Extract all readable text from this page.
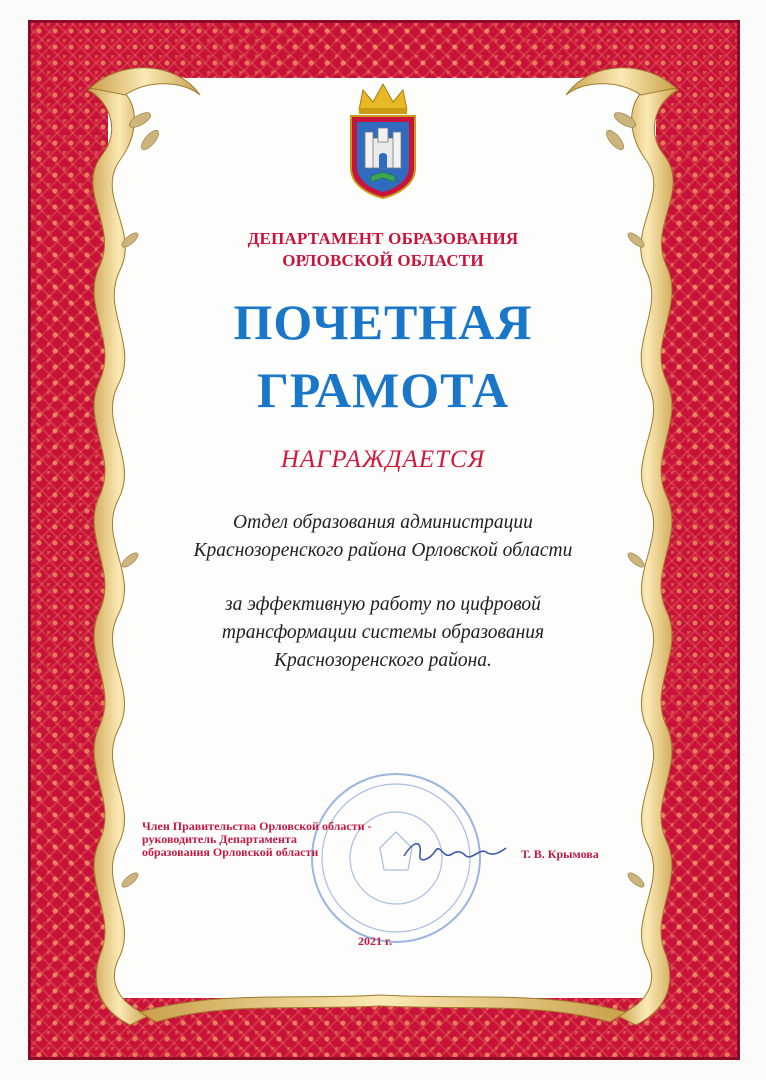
ДЕПАРТАМЕНТ ОБРАЗОВАНИЯ
ОРЛОВСКОЙ ОБЛАСТИ
ПОЧЕТНАЯ
ГРАМОТА
НАГРАЖДАЕТСЯ
Отдел образования администрации
Краснозоренского района Орловской области
за эффективную работу по цифровой
трансформации системы образования
Краснозоренского района.
Член Правительства Орловской области -
руководитель Департамента
образования Орловской области	Т. В. Крымова
2021 г.
